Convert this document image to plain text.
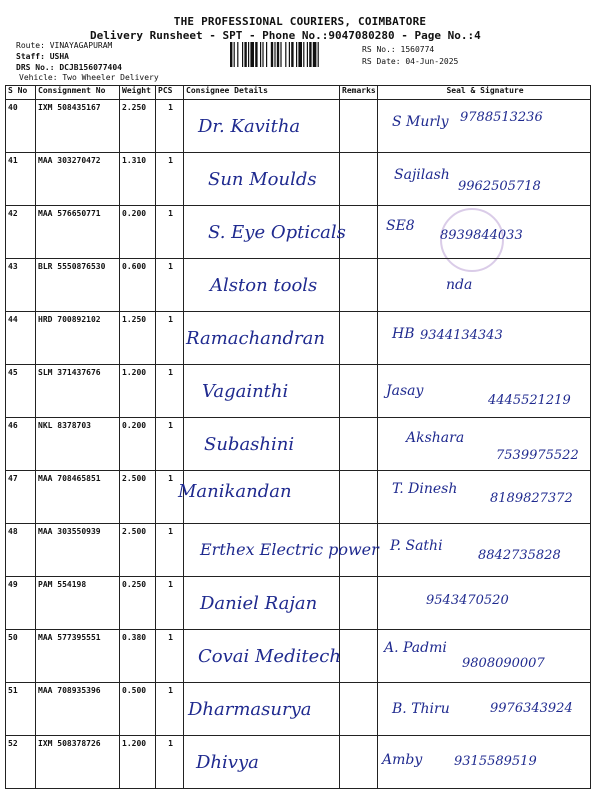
THE PROFESSIONAL COURIERS, COIMBATORE
Delivery Runsheet - SPT - Phone No.:9047080280 - Page No.:4
Route: VINAYAGAPURAM
Staff: USHA
DRS No.: DCJB156077404
Vehicle: Two Wheeler Delivery
RS No.: 1560774
RS Date: 04-Jun-2025
S No	Consignment No	Weight	PCS	Consignee Details	Remarks	Seal & Signature
40	IXM 508435167	2.250	1	Dr. Kavitha		S Murly 9788513236

41	MAA 303270472	1.310	1	Sun Moulds		Sajilash
9962505718

42	MAA 576650771	0.200	1	S. Eye Opticals		SE8
8939844033

43	BLR 5550876530	0.600	1	Alston tools		nda

44	HRD 700892102	1.250	1	Ramachandran		HB 9344134343

45	SLM 371437676	1.200	1	Vagainthi		Jasay
4445521219

46	NKL 8378703	0.200	1	Subashini		Akshara
7539975522

47	MAA 708465851	2.500	1	Manikandan		T. Dinesh
8189827372

48	MAA 303550939	2.500	1	Erthex Electric power		P. Sathi
8842735828

49	PAM 554198	0.250	1	Daniel Rajan		9543470520

50	MAA 577395551	0.380	1	Covai Meditech		A. Padmi
9808090007

51	MAA 708935396	0.500	1	Dharmasurya		B. Thiru 9976343924

52	IXM 508378726	1.200	1	Dhivya		Amby 9315589519
